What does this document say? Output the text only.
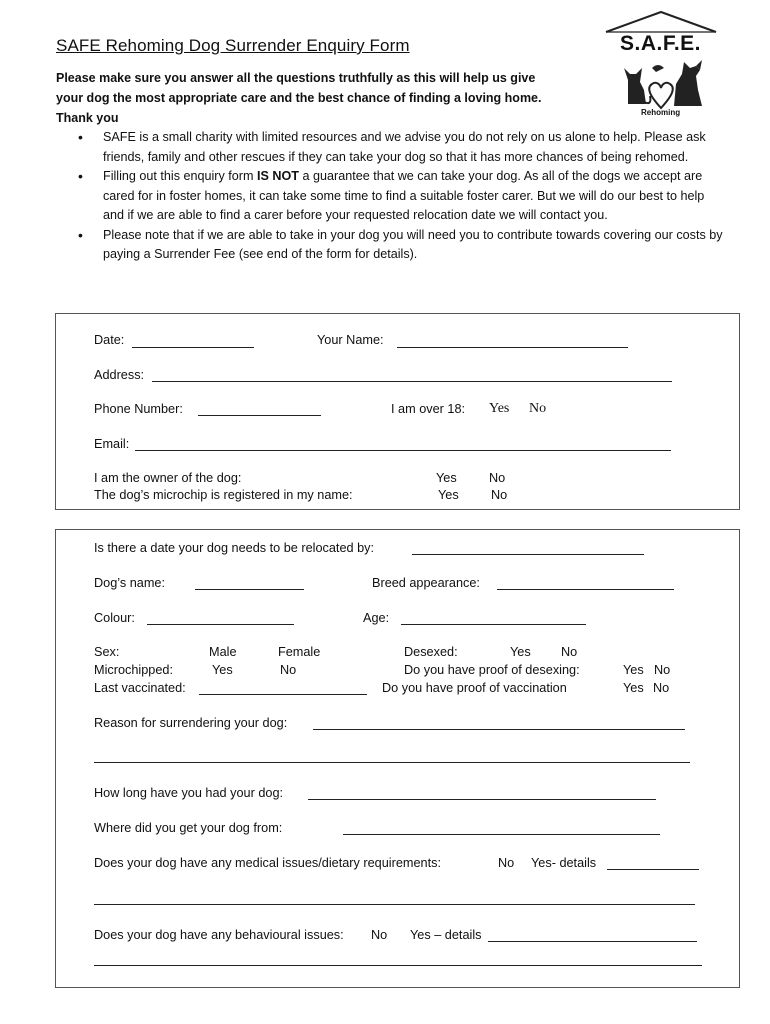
S.A.F.E.
Rehoming
SAFE Rehoming Dog Surrender Enquiry Form
Please make sure you answer all the questions truthfully as this will help us give your dog the most appropriate care and the best chance of finding a loving home. Thank you
• SAFE is a small charity with limited resources and we advise you do not rely on us alone to help. Please ask friends, family and other rescues if they can take your dog so that it has more chances of being rehomed.
• Filling out this enquiry form IS NOT a guarantee that we can take your dog. As all of the dogs we accept are cared for in foster homes, it can take some time to find a suitable foster carer. But we will do our best to help and if we are able to find a carer before your requested relocation date we will contact you.
• Please note that if we are able to take in your dog you will need you to contribute towards covering our costs by paying a Surrender Fee (see end of the form for details).
Date:	Your Name:
Address:
Phone Number:	I am over 18: Yes No
Email:
I am the owner of the dog:	Yes	No
The dog’s microchip is registered in my name:	Yes	No
Is there a date your dog needs to be relocated by:
Dog’s name:	Breed appearance:
Colour:	Age:
Sex:	Male	Female	Desexed:	Yes No
Microchipped:	Yes	No	Do you have proof of desexing:	Yes No
Last vaccinated:	Do you have proof of vaccination	Yes No
Reason for surrendering your dog:
How long have you had your dog:
Where did you get your dog from:
Does your dog have any medical issues/dietary requirements:	No Yes- details
Does your dog have any behavioural issues: No Yes – details
